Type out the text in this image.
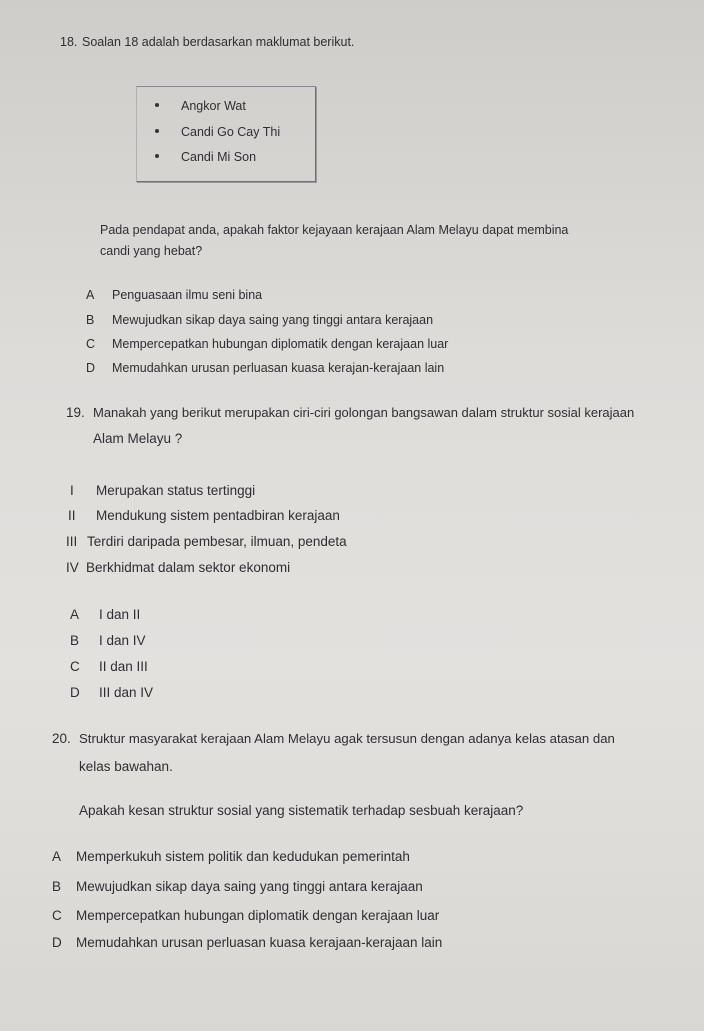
18. Soalan 18 adalah berdasarkan maklumat berikut.
Angkor Wat
Candi Go Cay Thi
Candi Mi Son
Pada pendapat anda, apakah faktor kejayaan kerajaan Alam Melayu dapat membina
candi yang hebat?
A Penguasaan ilmu seni bina
B Mewujudkan sikap daya saing yang tinggi antara kerajaan
C Mempercepatkan hubungan diplomatik dengan kerajaan luar
D Memudahkan urusan perluasan kuasa kerajan-kerajaan lain
19. Manakah yang berikut merupakan ciri-ciri golongan bangsawan dalam struktur sosial kerajaan
Alam Melayu ?
I Merupakan status tertinggi
II Mendukung sistem pentadbiran kerajaan
III Terdiri daripada pembesar, ilmuan, pendeta
IV Berkhidmat dalam sektor ekonomi
A I dan II
B I dan IV
C II dan III
D III dan IV
20. Struktur masyarakat kerajaan Alam Melayu agak tersusun dengan adanya kelas atasan dan
kelas bawahan.
Apakah kesan struktur sosial yang sistematik terhadap sesbuah kerajaan?
A Memperkukuh sistem politik dan kedudukan pemerintah
B Mewujudkan sikap daya saing yang tinggi antara kerajaan
C Mempercepatkan hubungan diplomatik dengan kerajaan luar
D Memudahkan urusan perluasan kuasa kerajaan-kerajaan lain
